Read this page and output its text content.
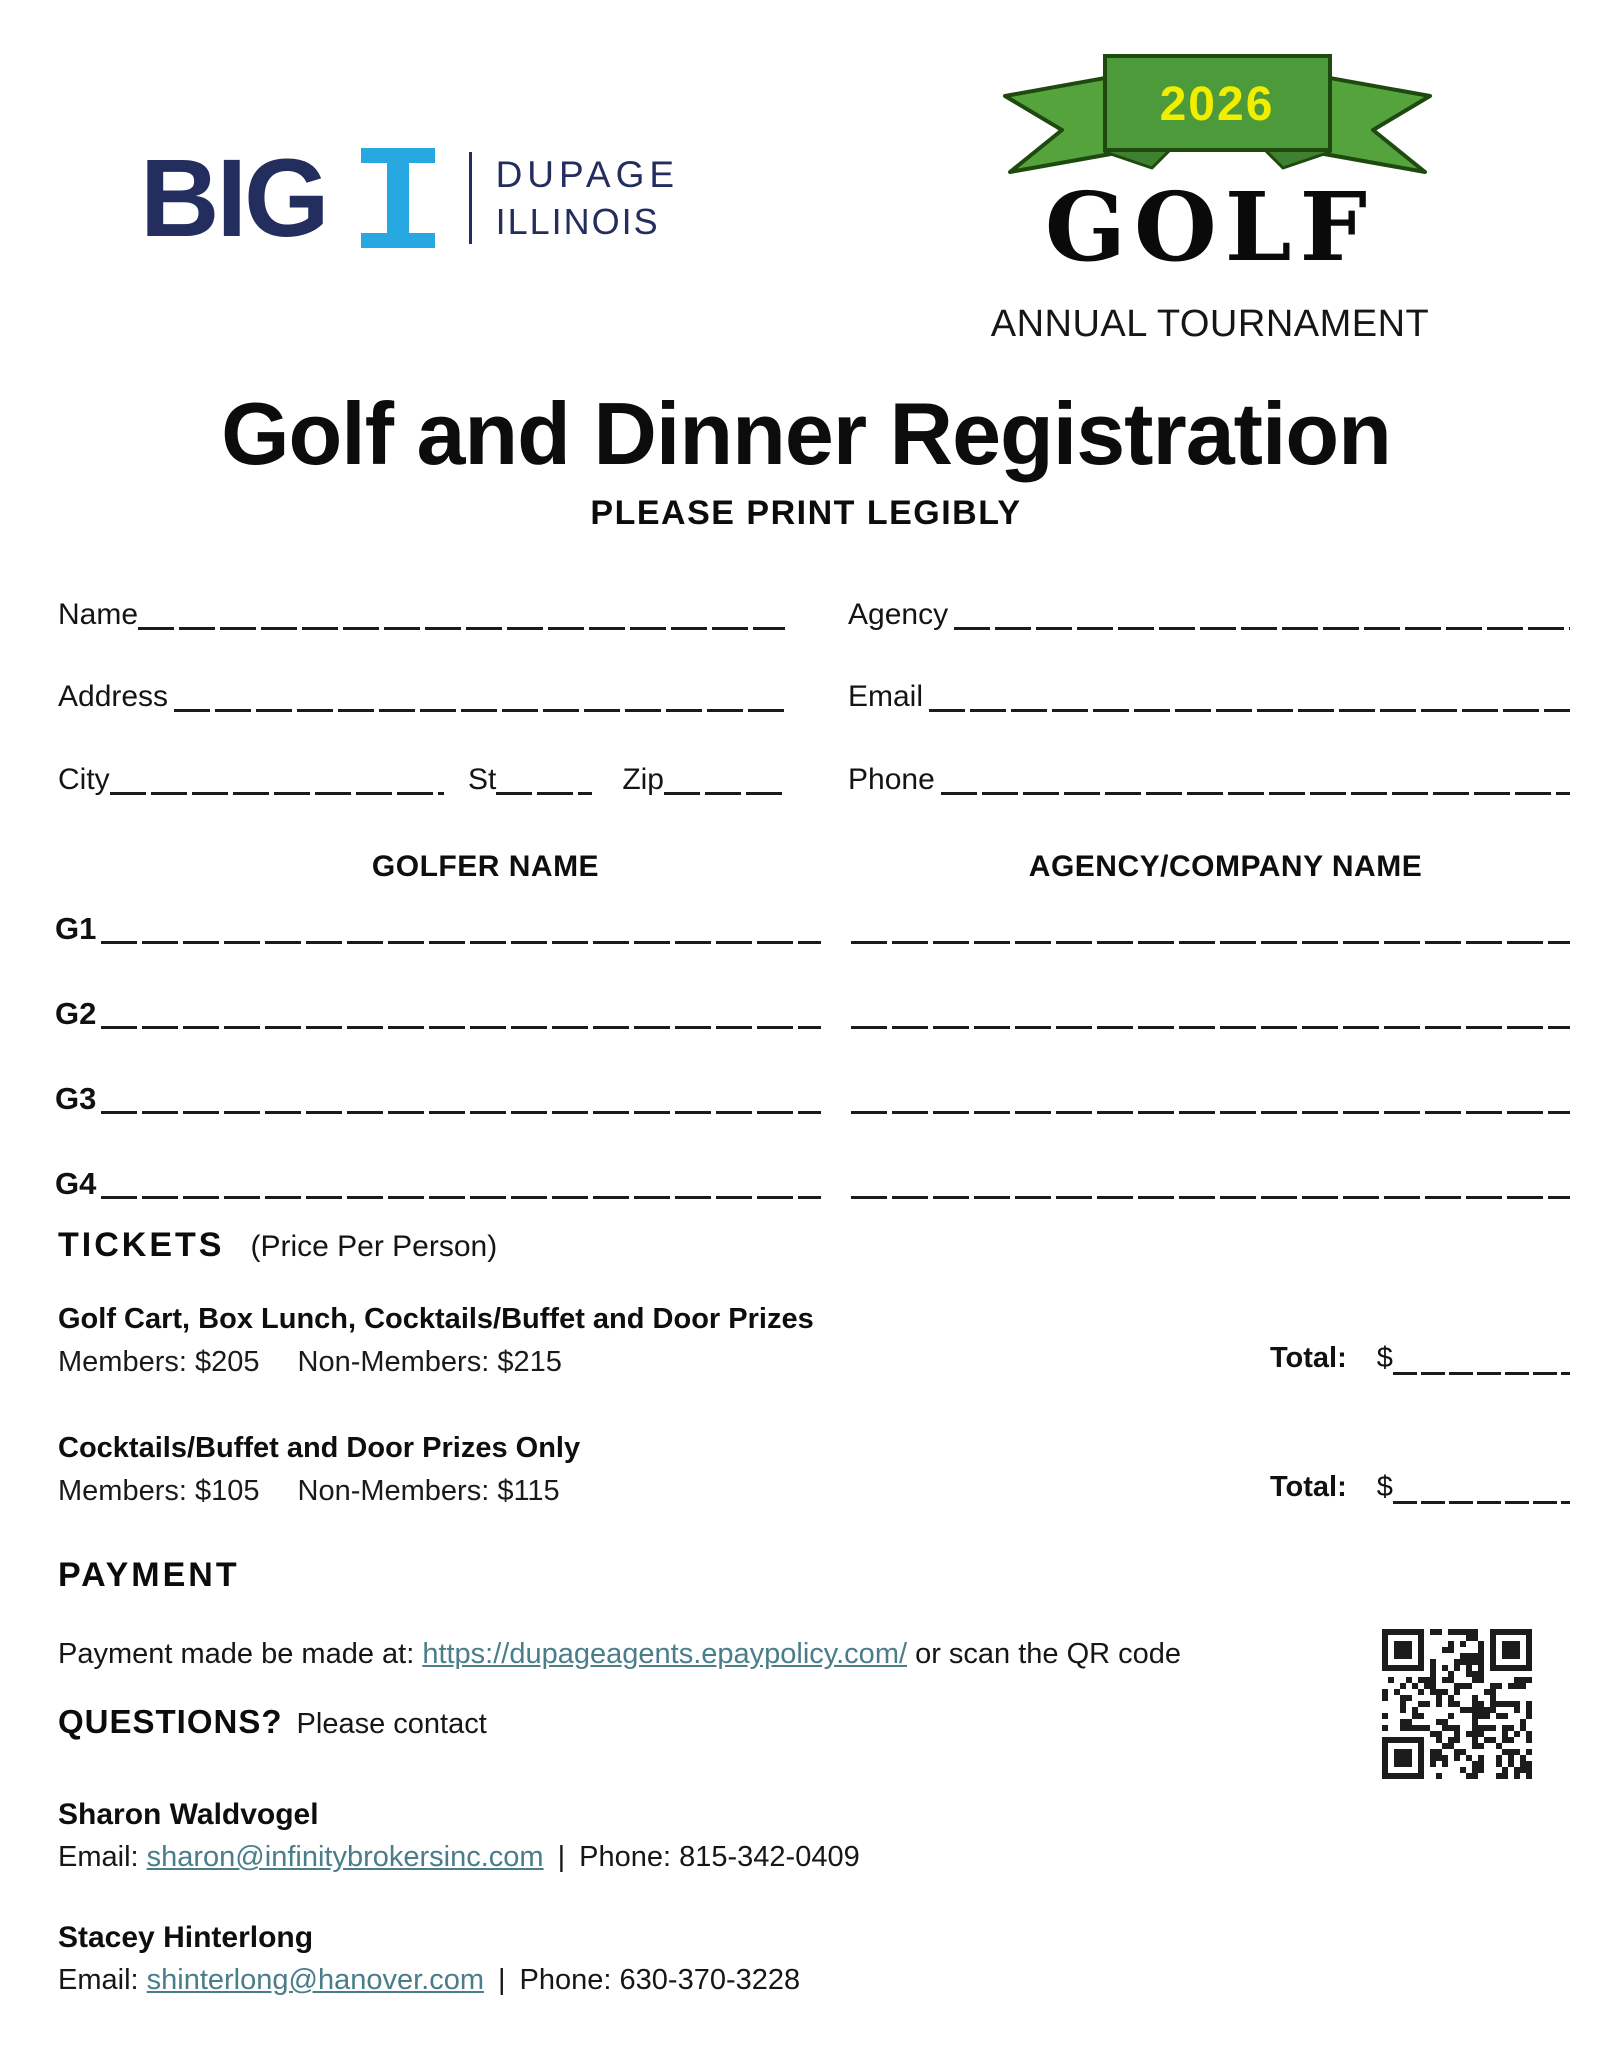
BIG	DUPAGE
ILLINOIS
2026
GOLF
ANNUAL TOURNAMENT
Golf and Dinner Registration
PLEASE PRINT LEGIBLY
Name	Agency
Address	Email
City	St	Zip	Phone
GOLFER NAME	AGENCY/COMPANY NAME
G1
G2
G3
G4
TICKETS (Price Per Person)
Golf Cart, Box Lunch, Cocktails/Buffet and Door Prizes
Members: $205 Non-Members: $215	Total: $
Cocktails/Buffet and Door Prizes Only
Members: $105 Non-Members: $115	Total: $
PAYMENT
Payment made be made at: https://dupageagents.epaypolicy.com/ or scan the QR code
QUESTIONS? Please contact
Sharon Waldvogel
Email: sharon@infinitybrokersinc.com | Phone: 815-342-0409
Stacey Hinterlong
Email: shinterlong@hanover.com | Phone: 630-370-3228
